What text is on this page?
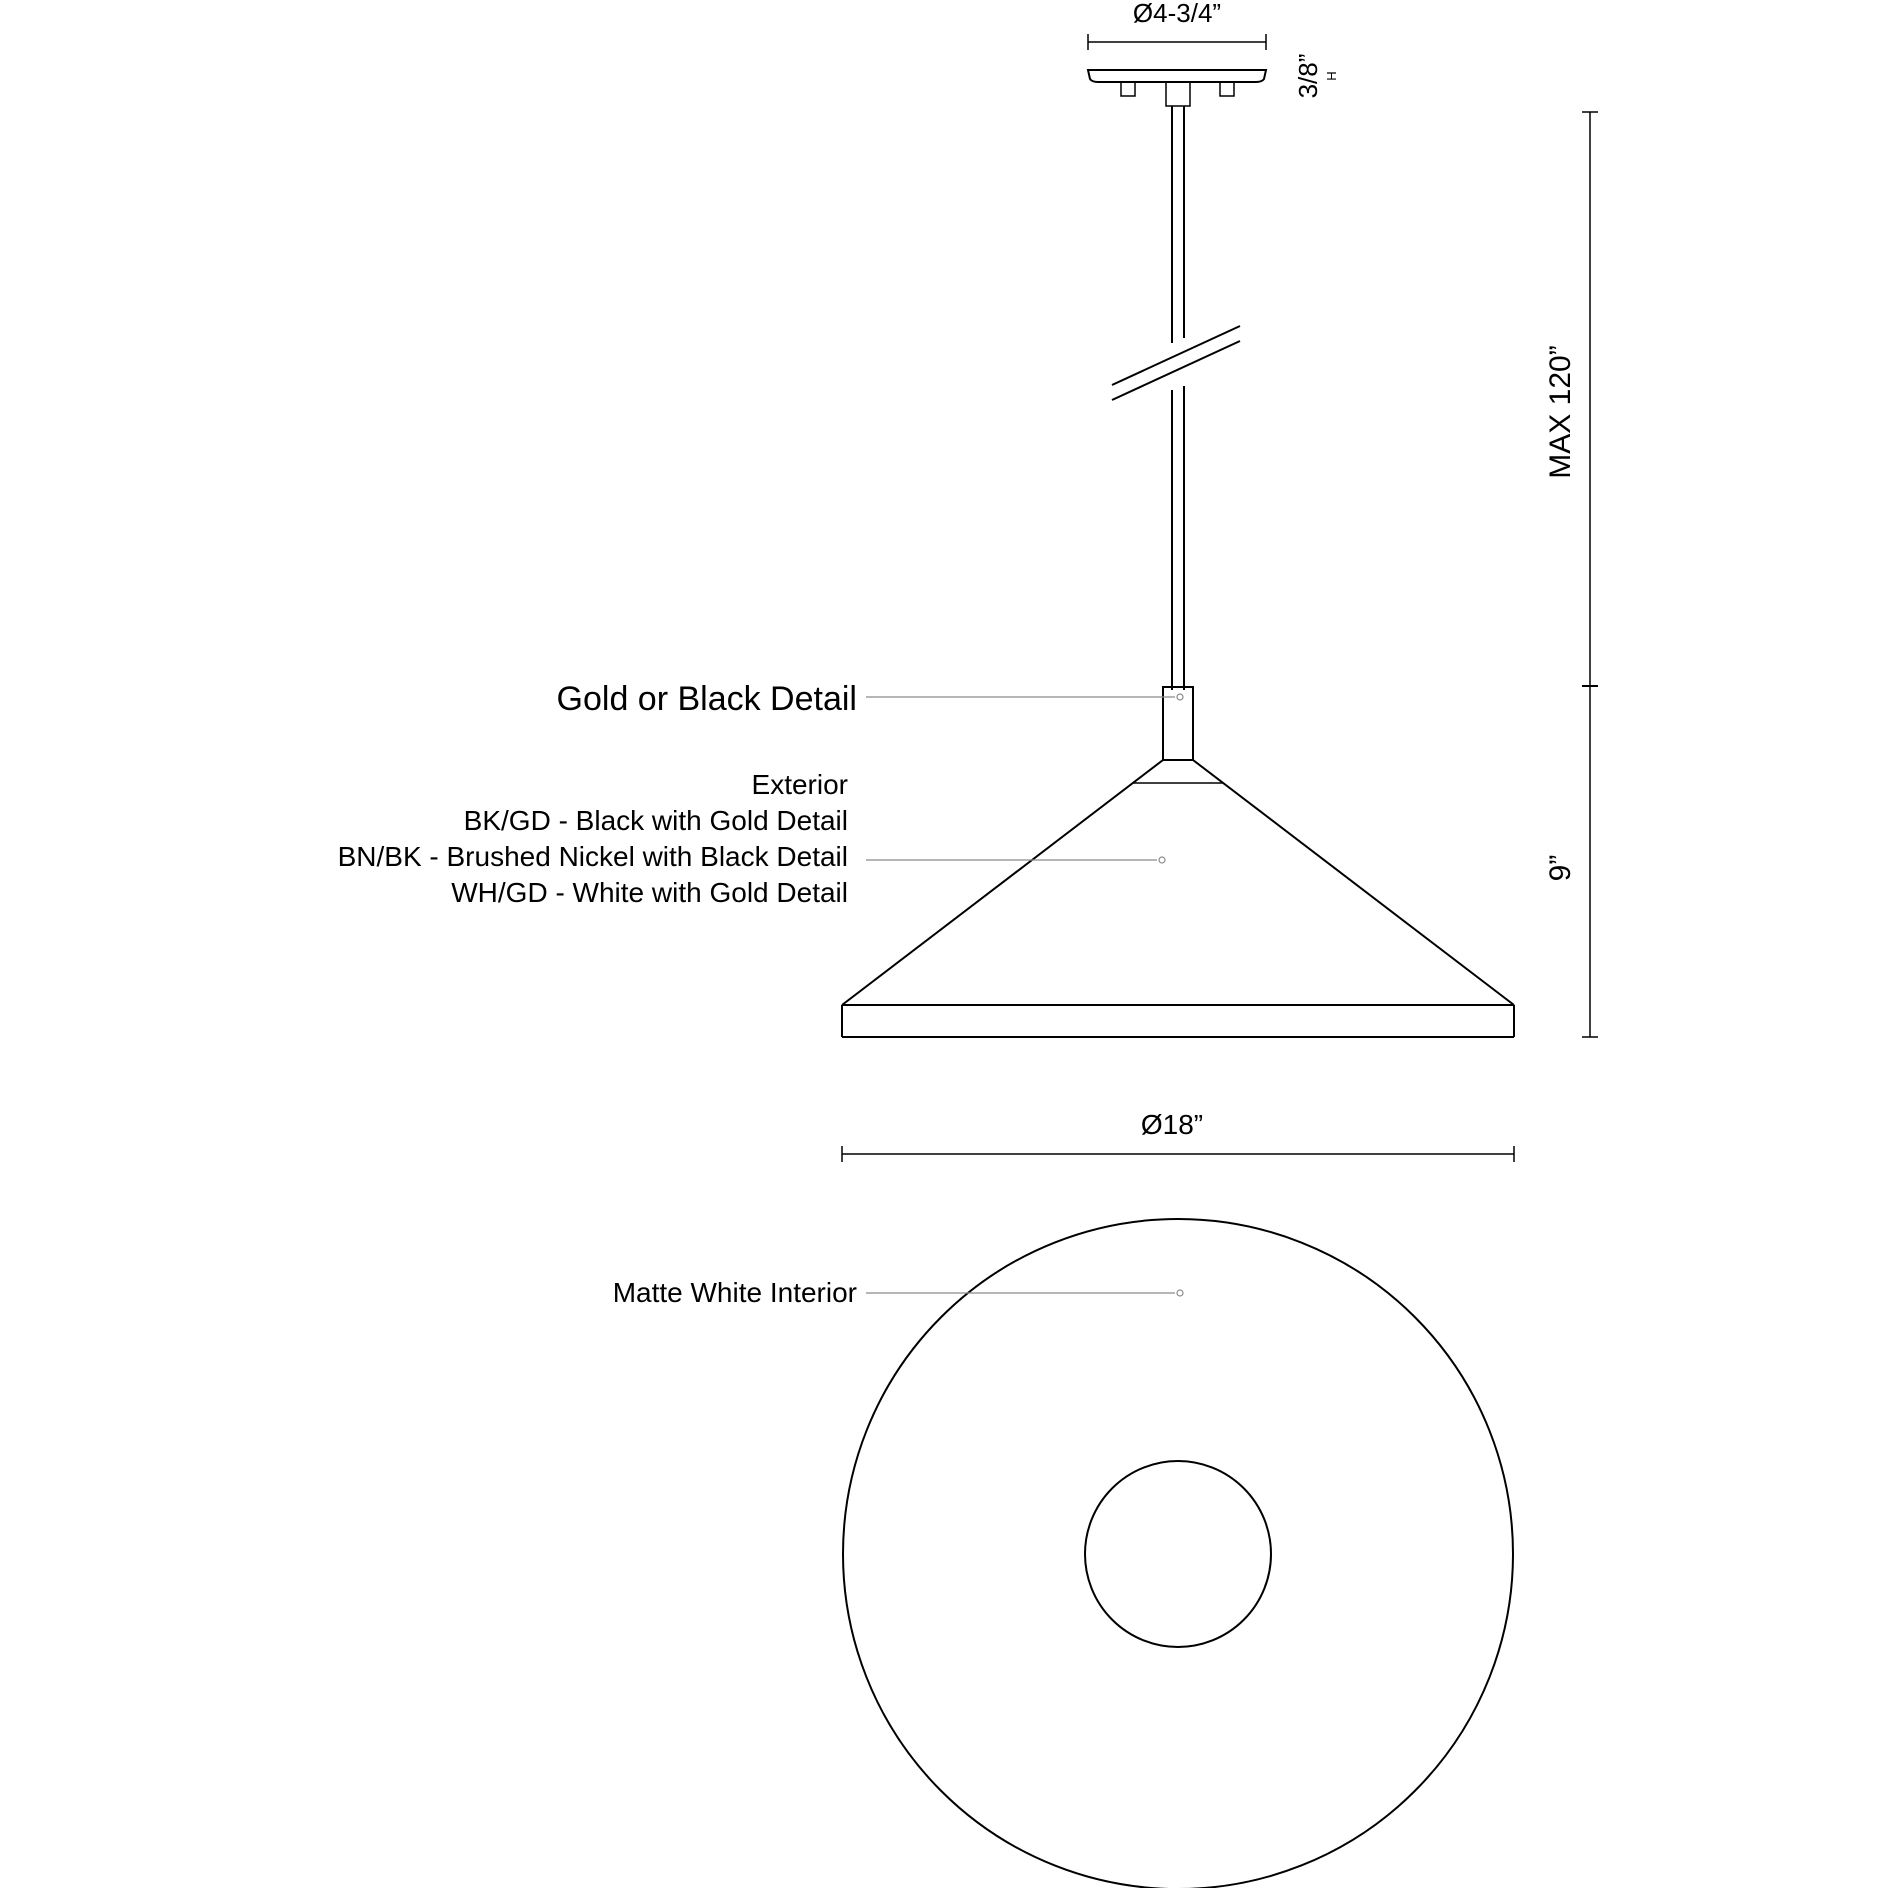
Ø4-3/4”
3/8” H
MAX 120”
9”
Ø18”
Gold or Black Detail
Exterior
BK/GD - Black with Gold Detail
BN/BK - Brushed Nickel with Black Detail
WH/GD - White with Gold Detail
Matte White Interior
